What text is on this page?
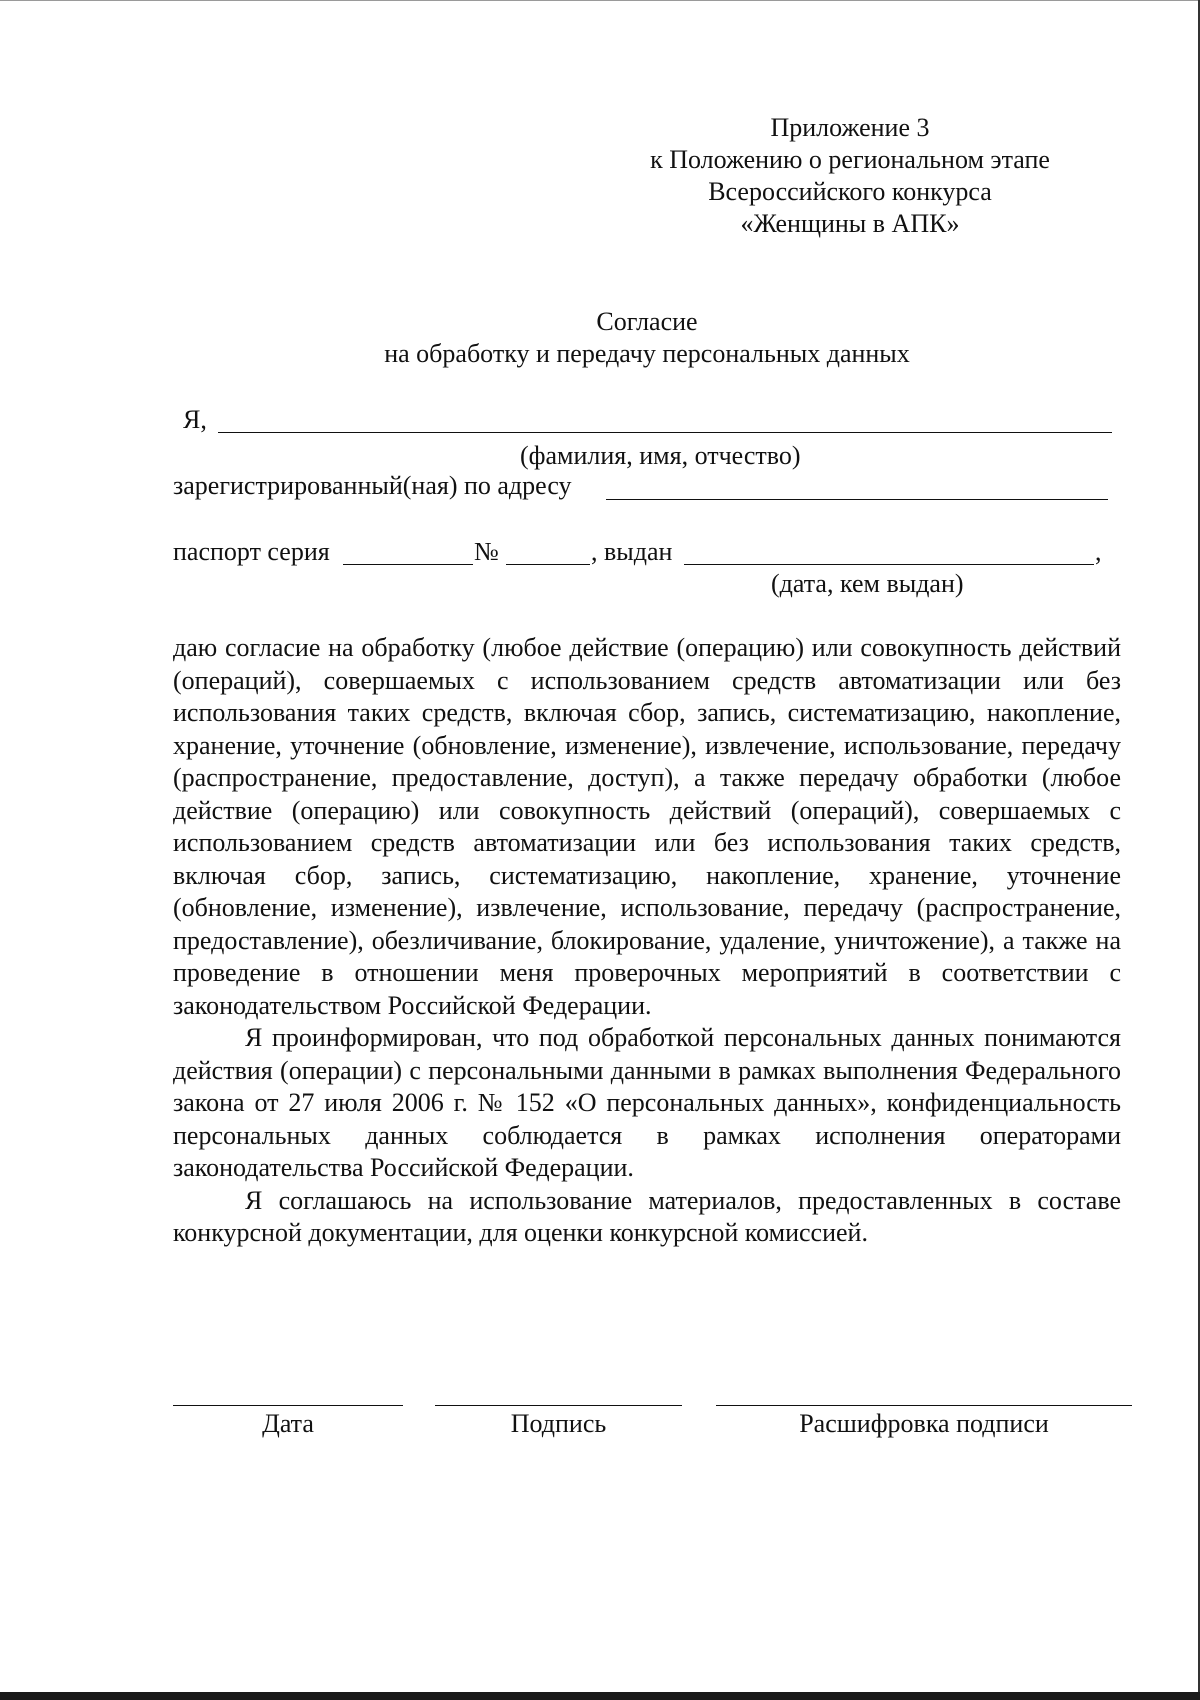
Приложение 3
к Положению о региональном этапе
Всероссийского конкурса
«Женщины в АПК»
Согласие
на обработку и передачу персональных данных
Я,
(фамилия, имя, отчество)
зарегистрированный(ная) по адресу
паспорт серия	№	, выдан	,
(дата, кем выдан)

даю согласие на обработку (любое действие (операцию) или совокупность действий (операций), совершаемых с использованием средств автоматизации или без использования таких средств, включая сбор, запись, систематизацию, накопление, хранение, уточнение (обновление, изменение), извлечение, использование, передачу (распространение, предоставление, доступ), а также передачу обработки (любое действие (операцию) или совокупность действий (операций), совершаемых с использованием средств автоматизации или без использования таких средств, включая сбор, запись, систематизацию, накопление, хранение, уточнение (обновление, изменение), извлечение, использование, передачу (распространение, предоставление), обезличивание, блокирование, удаление, уничтожение), а также на проведение в отношении меня проверочных мероприятий в соответствии с законодательством Российской Федерации.

Я проинформирован, что под обработкой персональных данных понимаются действия (операции) с персональными данными в рамках выполнения Федерального закона от 27 июля 2006 г. № 152 «О персональных данных», конфиденциальность персональных данных соблюдается в рамках исполнения операторами законодательства Российской Федерации.

Я соглашаюсь на использование материалов, предоставленных в составе конкурсной документации, для оценки конкурсной комиссией.

Дата	Подпись	Расшифровка подписи
